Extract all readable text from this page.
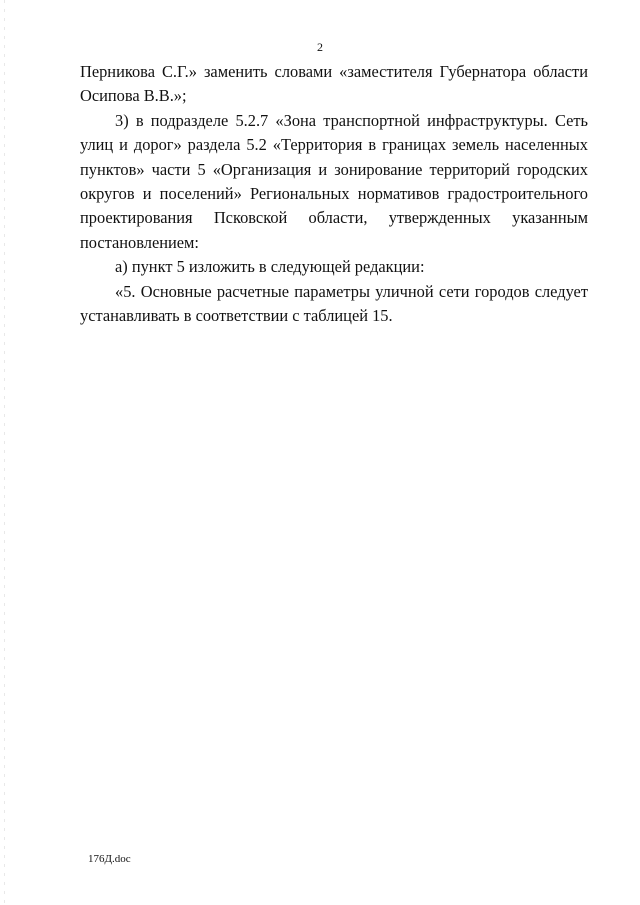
2

Перникова С.Г.» заменить словами «заместителя Губернатора области Осипова В.В.»;

3) в подразделе 5.2.7 «Зона транспортной инфраструктуры. Сеть улиц и дорог» раздела 5.2 «Территория в границах земель населенных пунктов» части 5 «Организация и зонирование территорий городских округов и поселений» Региональных нормативов градостроительного проектирования Псковской области, утвержденных указанным постановлением:

а) пункт 5 изложить в следующей редакции:

«5. Основные расчетные параметры уличной сети городов следует устанавливать в соответствии с таблицей 15.

176Д.doc
